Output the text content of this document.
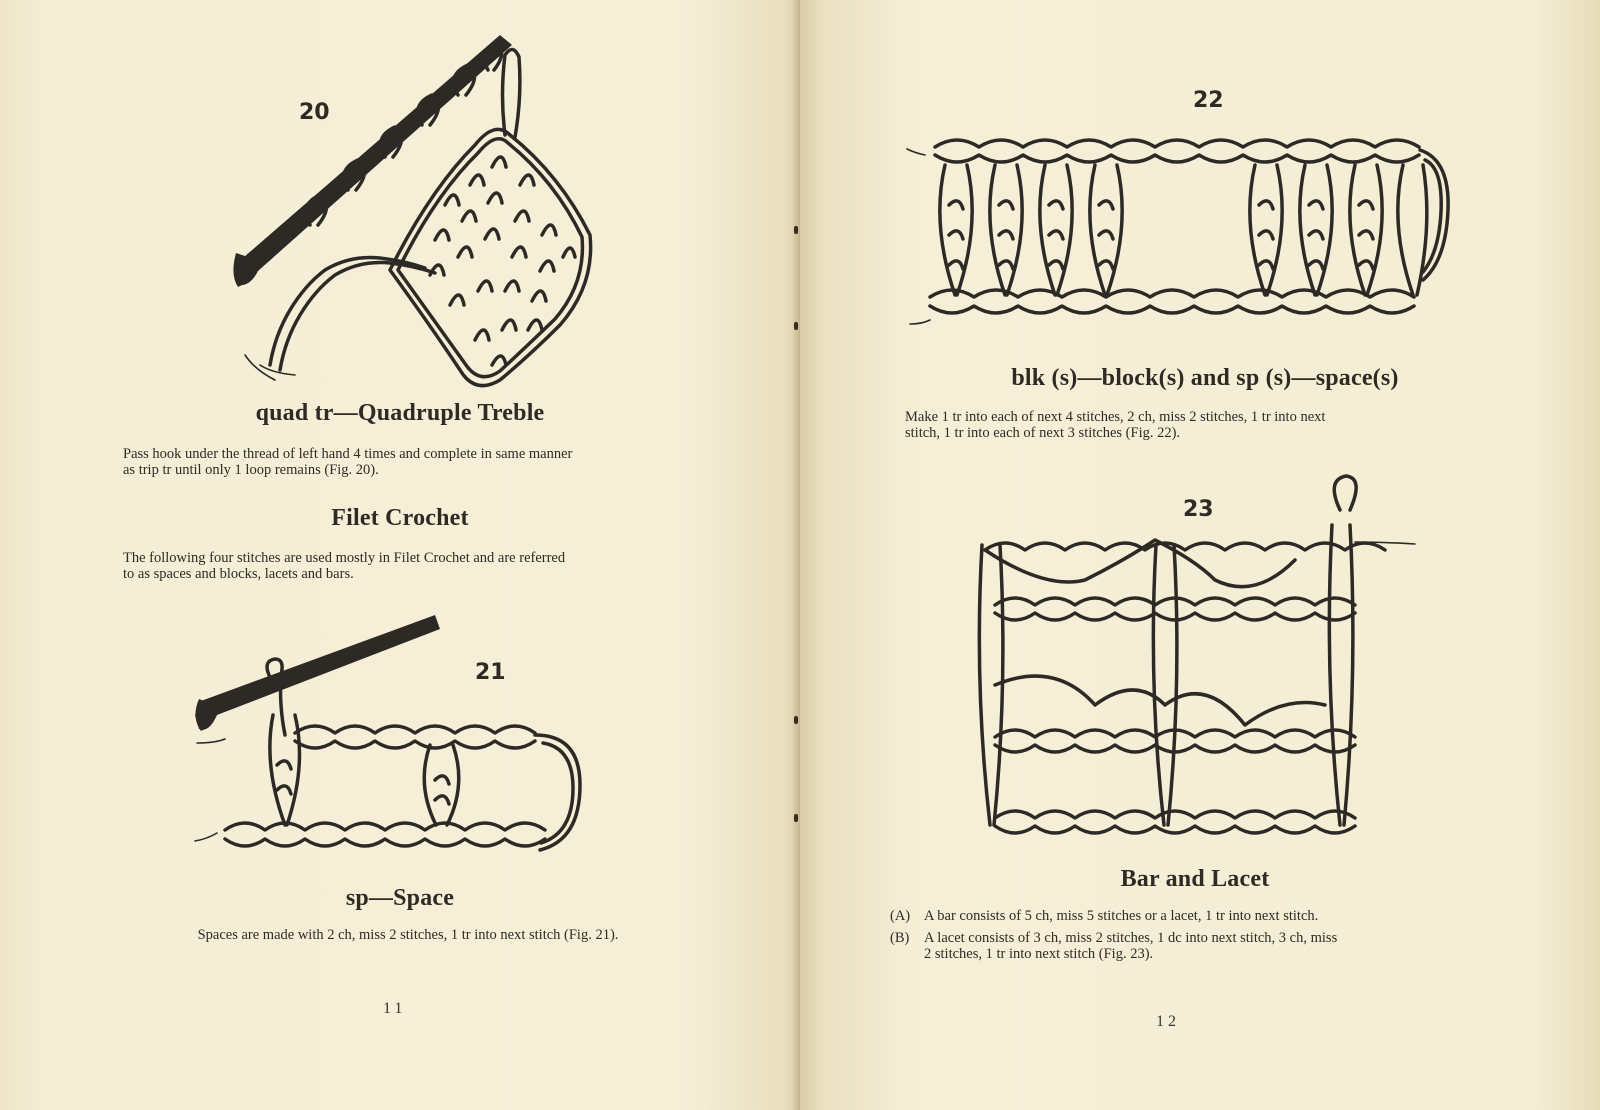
20
quad tr—Quadruple Treble

Pass hook under the thread of left hand 4 times and complete in same manner

as trip tr until only 1 loop remains (Fig. 20).

Filet Crochet

The following four stitches are used mostly in Filet Crochet and are referred

to as spaces and blocks, lacets and bars.

21
sp—Space
Spaces are made with 2 ch, miss 2 stitches, 1 tr into next stitch (Fig. 21).
11
22
blk (s)—block(s) and sp (s)—space(s)

Make 1 tr into each of next 4 stitches, 2 ch, miss 2 stitches, 1 tr into next

stitch, 1 tr into each of next 3 stitches (Fig. 22).

23
Bar and Lacet
(A) A bar consists of 5 ch, miss 5 stitches or a lacet, 1 tr into next stitch.
(B)	A lacet consists of 3 ch, miss 2 stitches, 1 dc into next stitch, 3 ch, miss
2 stitches, 1 tr into next stitch (Fig. 23).
12
